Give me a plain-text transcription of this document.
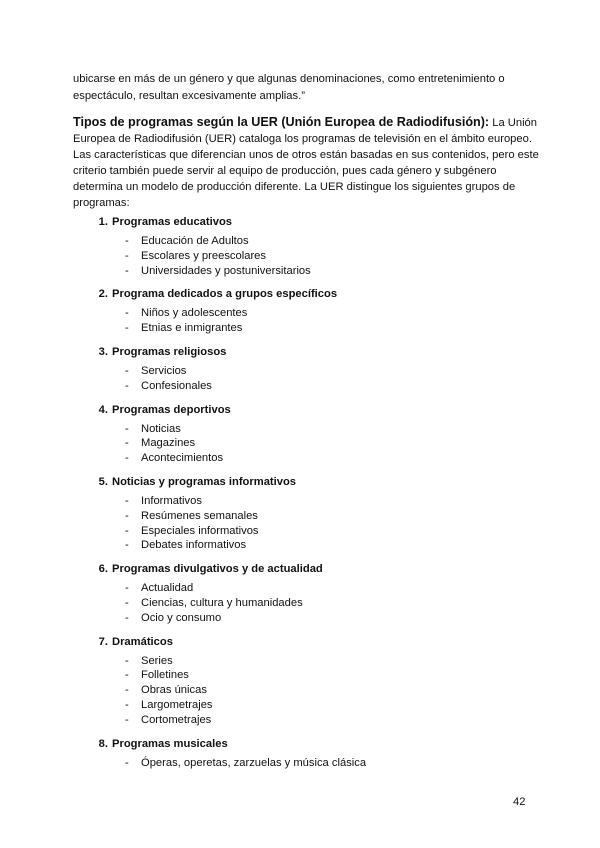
ubicarse en más de un género y que algunas denominaciones, como entretenimiento o espectáculo, resultan excesivamente amplias.”

Tipos de programas según la UER (Unión Europea de Radiodifusión): La Unión Europea de Radiodifusión (UER) cataloga los programas de televisión en el ámbito europeo. Las características que diferencian unos de otros están basadas en sus contenidos, pero este criterio también puede servir al equipo de producción, pues cada género y subgénero determina un modelo de producción diferente. La UER distingue los siguientes grupos de programas:

1. Programas educativos
-	Educación de Adultos
-	Escolares y preescolares
-	Universidades y postuniversitarios
2. Programa dedicados a grupos específicos
-	Niños y adolescentes
-	Etnias e inmigrantes
3. Programas religiosos
-	Servicios
-	Confesionales
4. Programas deportivos
-	Noticias
-	Magazines
-	Acontecimientos
5. Noticias y programas informativos
-	Informativos
-	Resúmenes semanales
-	Especiales informativos
-	Debates informativos
6. Programas divulgativos y de actualidad
-	Actualidad
-	Ciencias, cultura y humanidades
-	Ocio y consumo
7. Dramáticos
-	Series
-	Folletines
-	Obras únicas
-	Largometrajes
-	Cortometrajes
8. Programas musicales
-	Óperas, operetas, zarzuelas y música clásica
42
